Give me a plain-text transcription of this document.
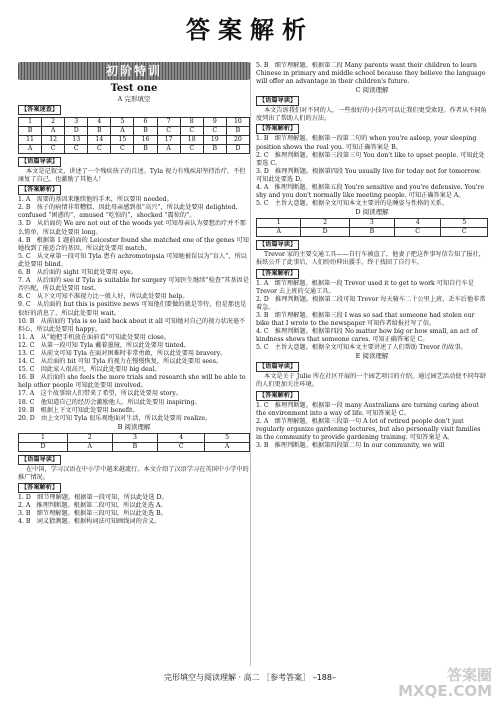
答案解析
初阶特训
Test one
A 完形填空
【答案速查】
1	2	3	4	5	6	7	8	9	10
B	A	D	B	A	B	C	C	C	B
11	12	13	14	15	16	17	18	19	20
A	C	C	C	C	B	A	C	B	D
【语篇导读】

本文是记叙文，讲述了一个残疾孩子的自述。Tyla 视力有残疾却坚持治疗，不但康复了自己，也激励了其他人！

【答案解析】

1. A　需要的基因来继续他的手术，所以要用 needed。

2. B　孩子的病情非常糟糕，因此母亲感到很“高兴”，所以此处要用 delighted，confused “困惑的”，amused “吃惊的”，shocked “震惊的”。

3. D　从后面的 We are not out of the woods yet 可知母亲认为要想治疗并不那么简单，所以此处要用 long。

4. B　根据第 1 题前面的 Leicester found she matched one of the genes 可知她找到了能适合的基因，所以此处要用 match。

5. C　从文章第一段可知 Tyla 患有 achromotopsia 可知她被误以为“盲人”，所以此处要用 blind。

6. B　从后面的 sight 可知此处要用 eye。

7. A　从后面的 see if Tyla is suitable for surgery 可知医生继续“检查”其基因是否匹配，所以此处要用 test。

8. C　从下文可知不准视力比一般人好，所以此处要用 help。

9. C　从后面的 but this is positive news 可知他们要做的就是等待，但是那也是很好的消息了，所以此处要用 wait。

10. B　从前面的 Tyla is so laid back about it all 可知她对自己的视力状况毫不担心，所以此处要用 happy。

11. A　从“她把手机放在面前看”可知此处要用 close。

12. C　从第一段可知 Tyla 戴着墨镜，所以此处要用 tinted。

13. C　从前文可知 Tyla 在面对困难时非常勇敢，所以此处要用 bravery。

14. C　从后面的 bit 可知 Tyla 的视力在慢慢恢复，所以此处要用 sees。

15. C　因此家人很高兴，所以此处要用 big deal。

16. B　从后面的 she feels the more trials and research she will be able to help other people 可知此处要用 involved。

17. A　这个故事给人们带来了希望，所以此处要用 story。

18. C　他知道自己的经历会激励他人，所以此处要用 inspiring。

19. B　根据上下文可知此处要用 benefit。

20. D　由上文可知 Tyla 很乐观地面对生活，所以此处要用 realize。

B 阅读理解
1	2	3	4	5
D	A	B	C	A
【语篇导读】

在中国，学习汉语在中小学中越来越流行。本文介绍了汉语学习在英国中小学中的推广情况。

【答案解析】

1. D　细节理解题。根据第一段可知，所以此处选 D。

2. A　推理判断题。根据第二段可知，所以此处选 A。

3. B　细节理解题。根据第三段可知，所以此处选 B。

4. B　词义猜测题。根据构词法可知画线词的含义。

5. B　细节理解题。根据第二段 Many parents want their children to learn Chinese in primary and middle school because they believe the language will offer an advantage in their children's future.

C 阅读理解
【语篇导读】

本文告诉我们对不同的人，一些很好的小技巧可以让我们更受欢迎。作者从不同角度列出了帮助人们的方法。

【答案解析】

1. B　细节理解题。根据第一段第二句的 when you're asleep, your sleeping position shows the real you. 可知正确答案是 B。

2. C　推理判断题。根据第三段第三句 You don't like to upset people. 可知此处要选 C。

3. D　推理判断题。根据第四段 You usually live for today not for tomorrow. 可知此处要选 D。

4. A　推理判断题。根据第五段 You're sensitive and you're defensive. You're shy and you don't normally like meeting people. 可知正确答案是 A。

5. C　主旨大意题。根据全文可知本文主要讲的是睡姿与性格的关系。

D 阅读理解
1	2	3	4	5
A	D	B	C	C
【语篇导读】

Trevor 家的主要交通工具——自行车被盗了，他妻子把这件事写信告知了报社，报纸公开了此事后，人们纷纷伸出援手，终于找回了自行车。

【答案解析】

1. A　细节理解题。根据第一段 Trevor used it to get to work 可知自行车是 Trevor 去上班的交通工具。

2. D　推理判断题。根据第二段可知 Trevor 每天骑车二十公里上班，丢车后他非常着急。

3. B　细节理解题。根据第三段 I was so sad that someone had stolen our bike that I wrote to the newspaper 可知作者给报社写了信。

4. C　推理判断题。根据第四段 No matter how big or how small, an act of kindness shows that someone cares. 可知正确答案是 C。

5. C　主旨大意题。根据全文可知本文主要讲述了人们帮助 Trevor 的故事。

E 阅读理解
【语篇导读】

本文是关于 Julie 所在社区开展的一个园艺项目的介绍，通过园艺活动使不同年龄的人们更加关注环境。

【答案解析】

1. C　推理判断题。根据第一段 many Australians are turning caring about the environment into a way of life. 可知答案是 C。

2. A　细节理解题。根据第三段第一句 A lot of retired people don't just regularly organize gardening lectures, but also personally visit families in the community to provide gardening training. 可知答案是 A。

3. B　推理判断题。根据第四段第二句 In our community, we will

完形填空与阅读理解 · 高二 ［参考答案］ –188–	答案圈
MXQE.COM
